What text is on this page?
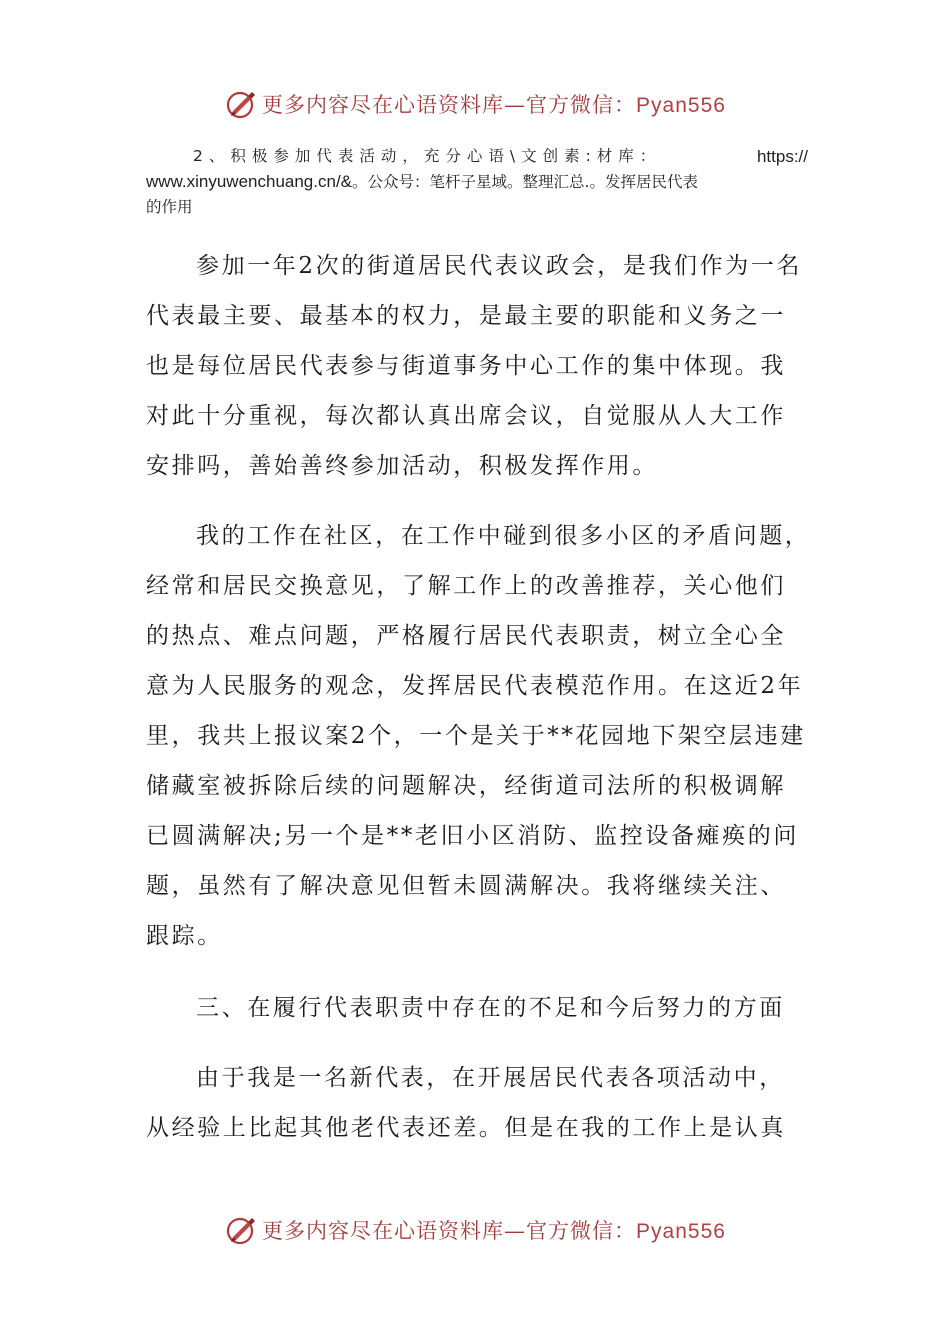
更多内容尽在心语资料库—官方微信：Pyan556
2、积极参加代表活动，充分心语\文创素:材库：	https://
www.xinyuwenchuang.cn/&。公众号：笔杆子星域。整理汇总.。发挥居民代表
的作用
参加一年2次的街道居民代表议政会，是我们作为一名
代表最主要、最基本的权力，是最主要的职能和义务之一
也是每位居民代表参与街道事务中心工作的集中体现。我
对此十分重视，每次都认真出席会议，自觉服从人大工作
安排吗，善始善终参加活动，积极发挥作用。
我的工作在社区，在工作中碰到很多小区的矛盾问题，
经常和居民交换意见，了解工作上的改善推荐，关心他们
的热点、难点问题，严格履行居民代表职责，树立全心全
意为人民服务的观念，发挥居民代表模范作用。在这近2年
里，我共上报议案2个，一个是关于**花园地下架空层违建
储藏室被拆除后续的问题解决，经街道司法所的积极调解
已圆满解决;另一个是**老旧小区消防、监控设备瘫痪的问
题，虽然有了解决意见但暂未圆满解决。我将继续关注、
跟踪。
三、在履行代表职责中存在的不足和今后努力的方面
由于我是一名新代表，在开展居民代表各项活动中，
从经验上比起其他老代表还差。但是在我的工作上是认真
更多内容尽在心语资料库—官方微信：Pyan556
